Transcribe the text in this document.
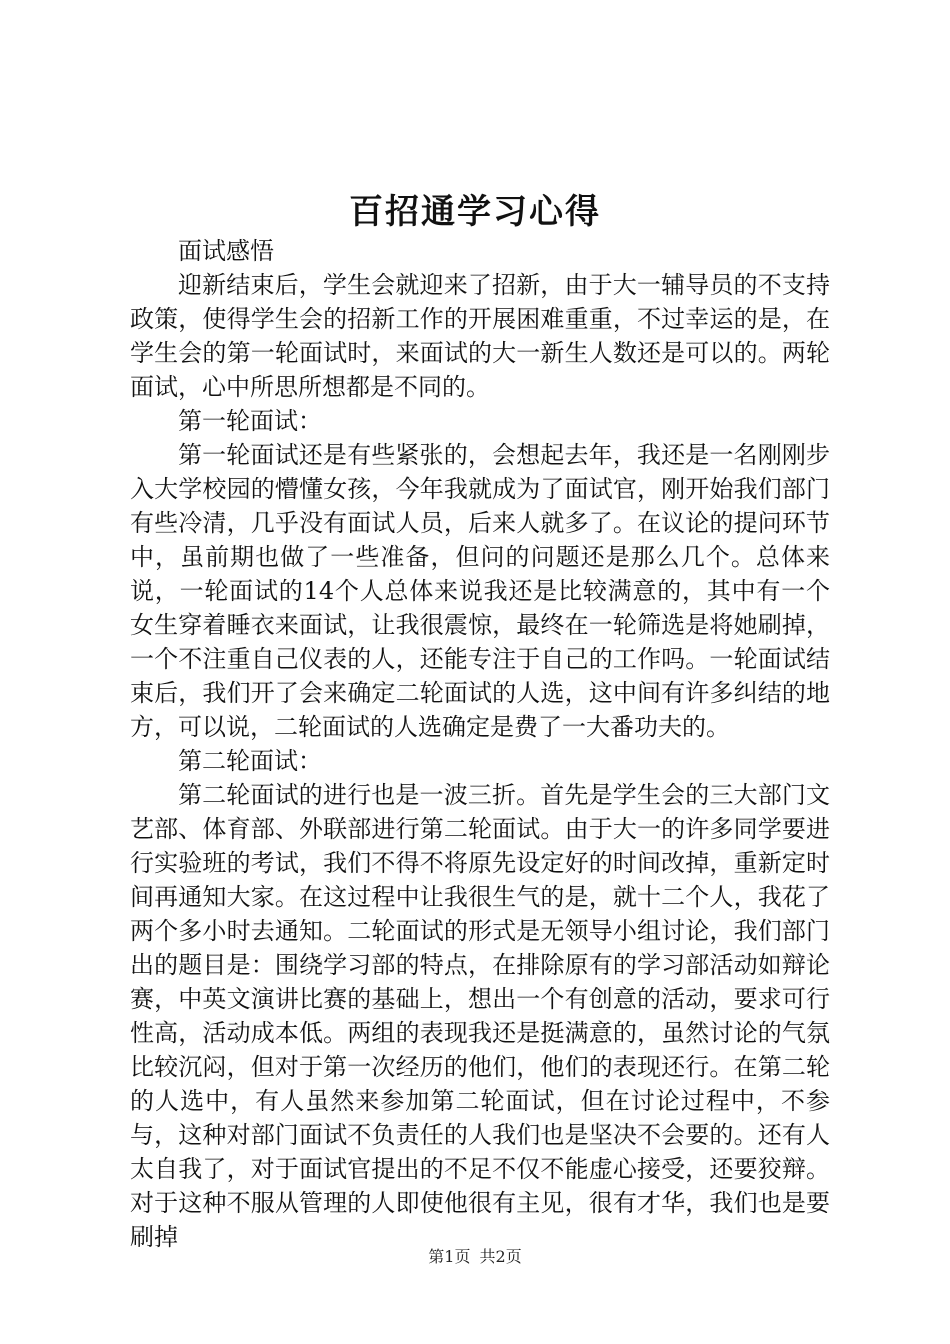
百招通学习心得

面试感悟

迎新结束后，学生会就迎来了招新，由于大一辅导员的不支持政策，使得学生会的招新工作的开展困难重重，不过幸运的是，在学生会的第一轮面试时，来面试的大一新生人数还是可以的。两轮面试，心中所思所想都是不同的。

第一轮面试：

第一轮面试还是有些紧张的，会想起去年，我还是一名刚刚步入大学校园的懵懂女孩，今年我就成为了面试官，刚开始我们部门有些冷清，几乎没有面试人员，后来人就多了。在议论的提问环节中，虽前期也做了一些准备，但问的问题还是那么几个。总体来说，一轮面试的14个人总体来说我还是比较满意的，其中有一个女生穿着睡衣来面试，让我很震惊，最终在一轮筛选是将她刷掉，一个不注重自己仪表的人，还能专注于自己的工作吗。一轮面试结束后，我们开了会来确定二轮面试的人选，这中间有许多纠结的地方，可以说，二轮面试的人选确定是费了一大番功夫的。

第二轮面试：

第二轮面试的进行也是一波三折。首先是学生会的三大部门文艺部、体育部、外联部进行第二轮面试。由于大一的许多同学要进行实验班的考试，我们不得不将原先设定好的时间改掉，重新定时间再通知大家。在这过程中让我很生气的是，就十二个人，我花了两个多小时去通知。二轮面试的形式是无领导小组讨论，我们部门出的题目是：围绕学习部的特点，在排除原有的学习部活动如辩论赛，中英文演讲比赛的基础上，想出一个有创意的活动，要求可行性高，活动成本低。两组的表现我还是挺满意的，虽然讨论的气氛比较沉闷，但对于第一次经历的他们，他们的表现还行。在第二轮的人选中，有人虽然来参加第二轮面试，但在讨论过程中，不参与，这种对部门面试不负责任的人我们也是坚决不会要的。还有人太自我了，对于面试官提出的不足不仅不能虚心接受，还要狡辩。对于这种不服从管理的人即使他很有主见，很有才华，我们也是要刷掉

第1页 共2页
